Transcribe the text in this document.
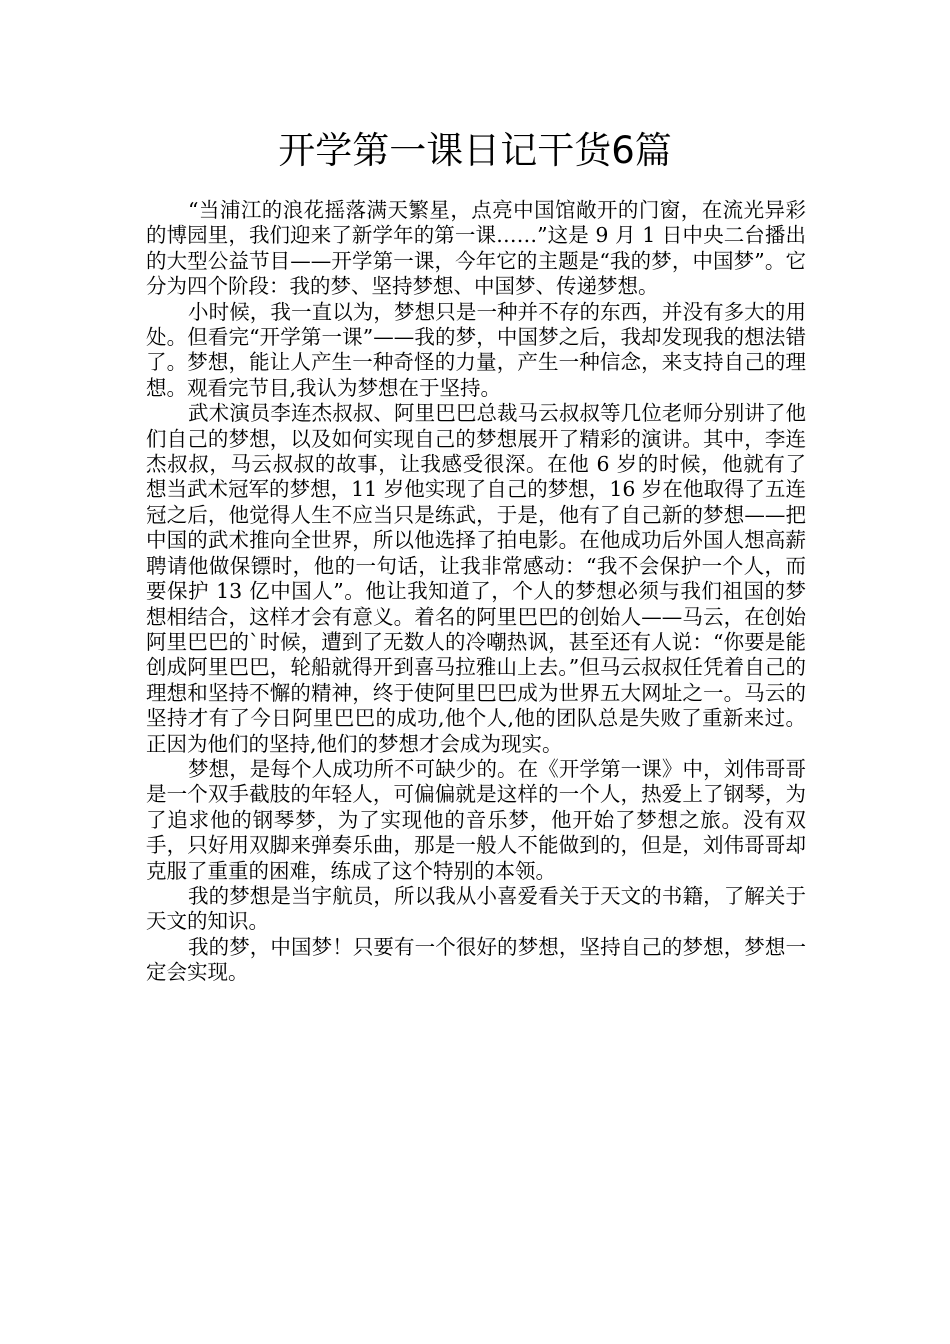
开学第一课日记干货6篇

“当浦江的浪花摇落满天繁星，点亮中国馆敞开的门窗，在流光异彩的博园里，我们迎来了新学年的第一课……”这是 9 月 1 日中央二台播出的大型公益节目——开学第一课，今年它的主题是“我的梦，中国梦”。它分为四个阶段：我的梦、坚持梦想、中国梦、传递梦想。

小时候，我一直以为，梦想只是一种并不存的东西，并没有多大的用处。但看完“开学第一课”——我的梦，中国梦之后，我却发现我的想法错了。梦想，能让人产生一种奇怪的力量，产生一种信念，来支持自己的理想。观看完节目,我认为梦想在于坚持。

武术演员李连杰叔叔、阿里巴巴总裁马云叔叔等几位老师分别讲了他们自己的梦想，以及如何实现自己的梦想展开了精彩的演讲。其中，李连杰叔叔，马云叔叔的故事，让我感受很深。在他 6 岁的时候，他就有了想当武术冠军的梦想，11 岁他实现了自己的梦想，16 岁在他取得了五连冠之后，他觉得人生不应当只是练武，于是，他有了自己新的梦想——把中国的武术推向全世界，所以他选择了拍电影。在他成功后外国人想高薪聘请他做保镖时，他的一句话，让我非常感动：“我不会保护一个人，而要保护 13 亿中国人”。他让我知道了，个人的梦想必须与我们祖国的梦想相结合，这样才会有意义。着名的阿里巴巴的创始人——马云，在创始阿里巴巴的`时候，遭到了无数人的冷嘲热讽，甚至还有人说：“你要是能创成阿里巴巴，轮船就得开到喜马拉雅山上去。”但马云叔叔任凭着自己的理想和坚持不懈的精神，终于使阿里巴巴成为世界五大网址之一。马云的坚持才有了今日阿里巴巴的成功,他个人,他的团队总是失败了重新来过。正因为他们的坚持,他们的梦想才会成为现实。

梦想，是每个人成功所不可缺少的。在《开学第一课》中，刘伟哥哥是一个双手截肢的年轻人，可偏偏就是这样的一个人，热爱上了钢琴，为了追求他的钢琴梦，为了实现他的音乐梦，他开始了梦想之旅。没有双手，只好用双脚来弹奏乐曲，那是一般人不能做到的，但是，刘伟哥哥却克服了重重的困难，练成了这个特别的本领。

我的梦想是当宇航员，所以我从小喜爱看关于天文的书籍，了解关于天文的知识。

我的梦，中国梦！只要有一个很好的梦想，坚持自己的梦想，梦想一定会实现。
